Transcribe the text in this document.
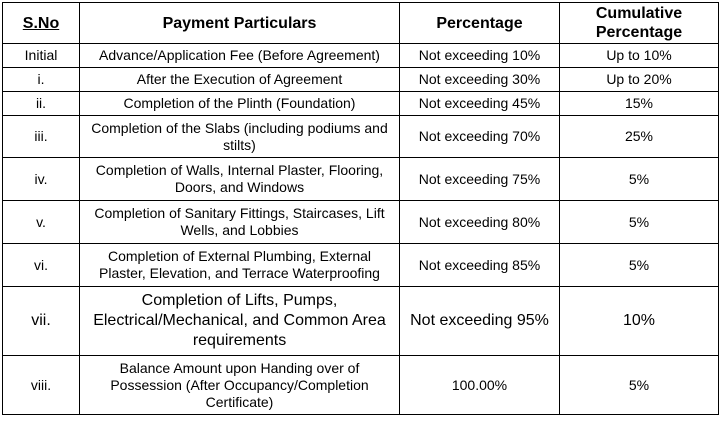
S.No	Payment Particulars	Percentage	Cumulative Percentage
Initial	Advance/Application Fee (Before Agreement)	Not exceeding 10%	Up to 10%
i.	After the Execution of Agreement	Not exceeding 30%	Up to 20%
ii.	Completion of the Plinth (Foundation)	Not exceeding 45%	15%
iii.	Completion of the Slabs (including podiums and stilts)	Not exceeding 70%	25%
iv.	Completion of Walls, Internal Plaster, Flooring, Doors, and Windows	Not exceeding 75%	5%
v.	Completion of Sanitary Fittings, Staircases, Lift Wells, and Lobbies	Not exceeding 80%	5%
vi.	Completion of External Plumbing, External Plaster, Elevation, and Terrace Waterproofing	Not exceeding 85%	5%
vii.	Completion of Lifts, Pumps, Electrical/Mechanical, and Common Area requirements	Not exceeding 95%	10%
viii.	Balance Amount upon Handing over of Possession (After Occupancy/Completion Certificate)	100.00%	5%
